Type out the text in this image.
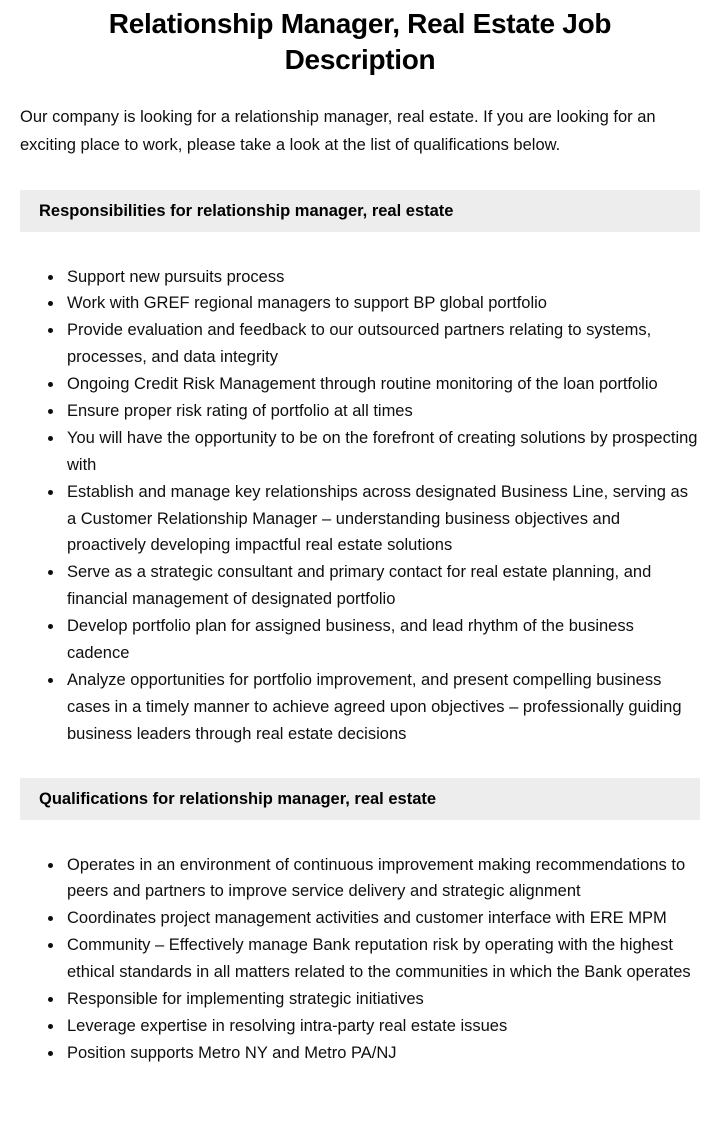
Relationship Manager, Real Estate Job Description

Our company is looking for a relationship manager, real estate. If you are looking for an exciting place to work, please take a look at the list of qualifications below.

Responsibilities for relationship manager, real estate
• Support new pursuits process
• Work with GREF regional managers to support BP global portfolio
• Provide evaluation and feedback to our outsourced partners relating to systems, processes, and data integrity
• Ongoing Credit Risk Management through routine monitoring of the loan portfolio
• Ensure proper risk rating of portfolio at all times
• You will have the opportunity to be on the forefront of creating solutions by prospecting with
• Establish and manage key relationships across designated Business Line, serving as a Customer Relationship Manager – understanding business objectives and proactively developing impactful real estate solutions
• Serve as a strategic consultant and primary contact for real estate planning, and financial management of designated portfolio
• Develop portfolio plan for assigned business, and lead rhythm of the business cadence
• Analyze opportunities for portfolio improvement, and present compelling business cases in a timely manner to achieve agreed upon objectives – professionally guiding business leaders through real estate decisions
Qualifications for relationship manager, real estate
• Operates in an environment of continuous improvement making recommendations to peers and partners to improve service delivery and strategic alignment
• Coordinates project management activities and customer interface with ERE MPM
• Community – Effectively manage Bank reputation risk by operating with the highest ethical standards in all matters related to the communities in which the Bank operates
• Responsible for implementing strategic initiatives
• Leverage expertise in resolving intra-party real estate issues
• Position supports Metro NY and Metro PA/NJ
